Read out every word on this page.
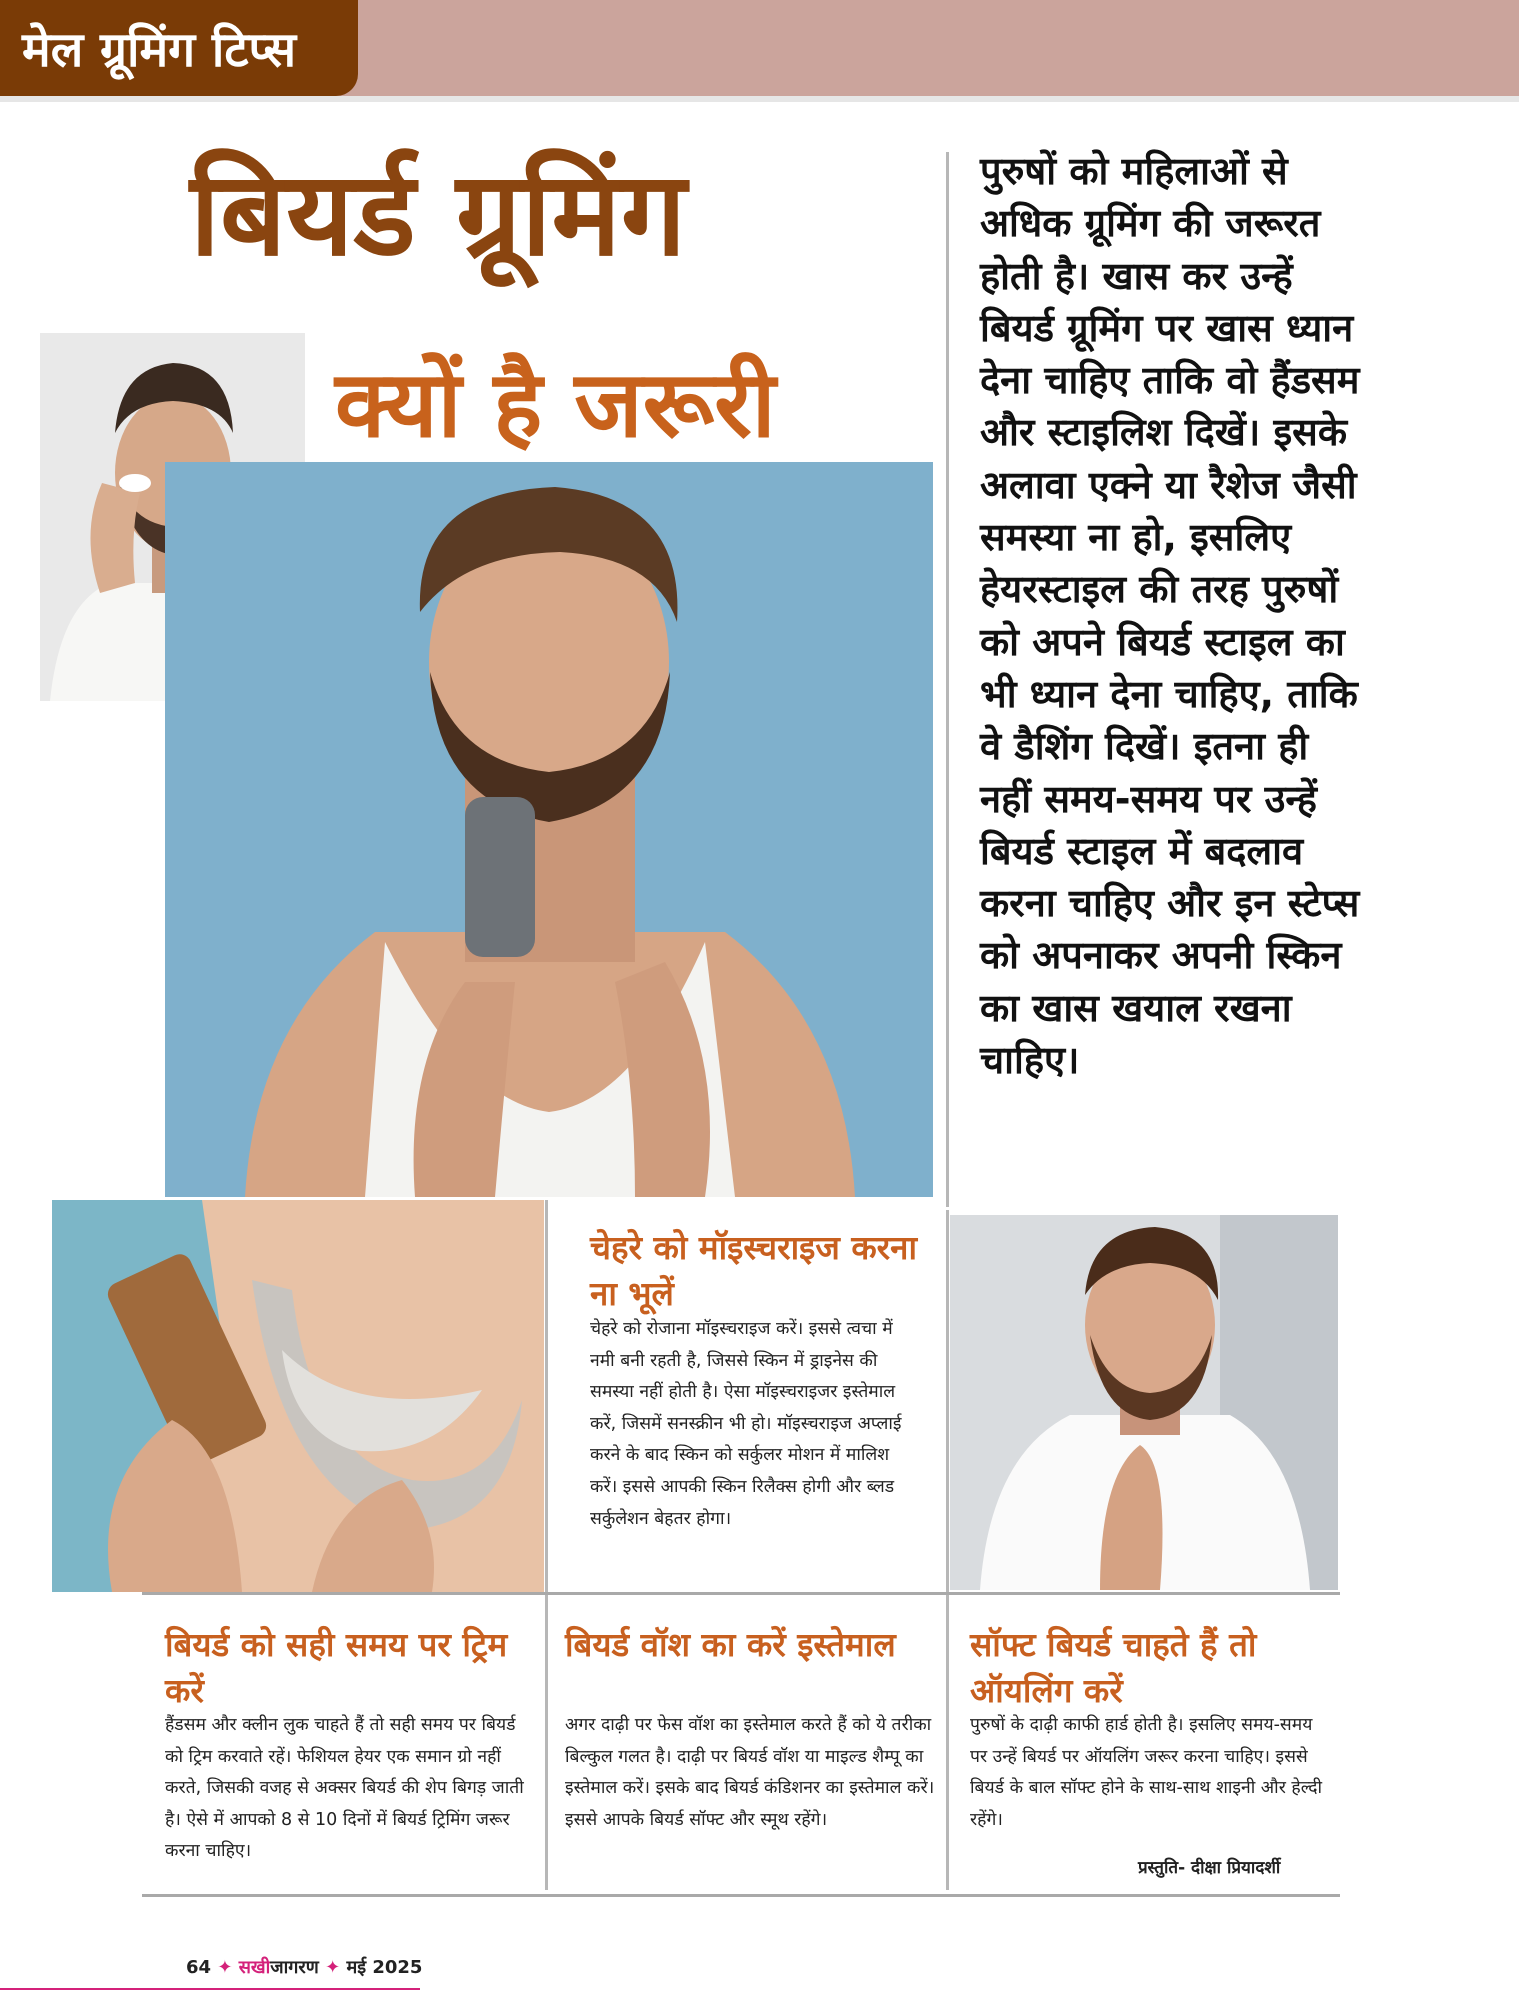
मेल ग्रूमिंग टिप्स
बियर्ड ग्रूमिंग
क्यों है जरूरी
पुरुषों को महिलाओं से अधिक ग्रूमिंग की जरूरत होती है। खास कर उन्हें बियर्ड ग्रूमिंग पर खास ध्यान देना चाहिए ताकि वो हैंडसम और स्टाइलिश दिखें। इसके अलावा एक्ने या रैशेज जैसी समस्या ना हो, इसलिए हेयरस्टाइल की तरह पुरुषों को अपने बियर्ड स्टाइल का भी ध्यान देना चाहिए, ताकि वे डैशिंग दिखें। इतना ही नहीं समय-समय पर उन्हें बियर्ड स्टाइल में बदलाव करना चाहिए और इन स्टेप्स को अपनाकर अपनी स्किन का खास खयाल रखना चाहिए।
चेहरे को मॉइस्चराइज करना ना भूलें
चेहरे को रोजाना मॉइस्चराइज करें। इससे त्वचा में नमी बनी रहती है, जिससे स्किन में ड्राइनेस की समस्या नहीं होती है। ऐसा मॉइस्चराइजर इस्तेमाल करें, जिसमें सनस्क्रीन भी हो। मॉइस्चराइज अप्लाई करने के बाद स्किन को सर्कुलर मोशन में मालिश करें। इससे आपकी स्किन रिलैक्स होगी और ब्लड सर्कुलेशन बेहतर होगा।
बियर्ड को सही समय पर ट्रिम करें
हैंडसम और क्लीन लुक चाहते हैं तो सही समय पर बियर्ड को ट्रिम करवाते रहें। फेशियल हेयर एक समान ग्रो नहीं करते, जिसकी वजह से अक्सर बियर्ड की शेप बिगड़ जाती है। ऐसे में आपको 8 से 10 दिनों में बियर्ड ट्रिमिंग जरूर करना चाहिए।
बियर्ड वॉश का करें इस्तेमाल
अगर दाढ़ी पर फेस वॉश का इस्तेमाल करते हैं को ये तरीका बिल्कुल गलत है। दाढ़ी पर बियर्ड वॉश या माइल्ड शैम्पू का इस्तेमाल करें। इसके बाद बियर्ड कंडिशनर का इस्तेमाल करें। इससे आपके बियर्ड सॉफ्ट और स्मूथ रहेंगे।
सॉफ्ट बियर्ड चाहते हैं तो ऑयलिंग करें
पुरुषों के दाढ़ी काफी हार्ड होती है। इसलिए समय-समय पर उन्हें बियर्ड पर ऑयलिंग जरूर करना चाहिए। इससे बियर्ड के बाल सॉफ्ट होने के साथ-साथ शाइनी और हेल्दी रहेंगे।
प्रस्तुति- दीक्षा प्रियादर्शी
64 ✦ सखीजागरण ✦ मई 2025
